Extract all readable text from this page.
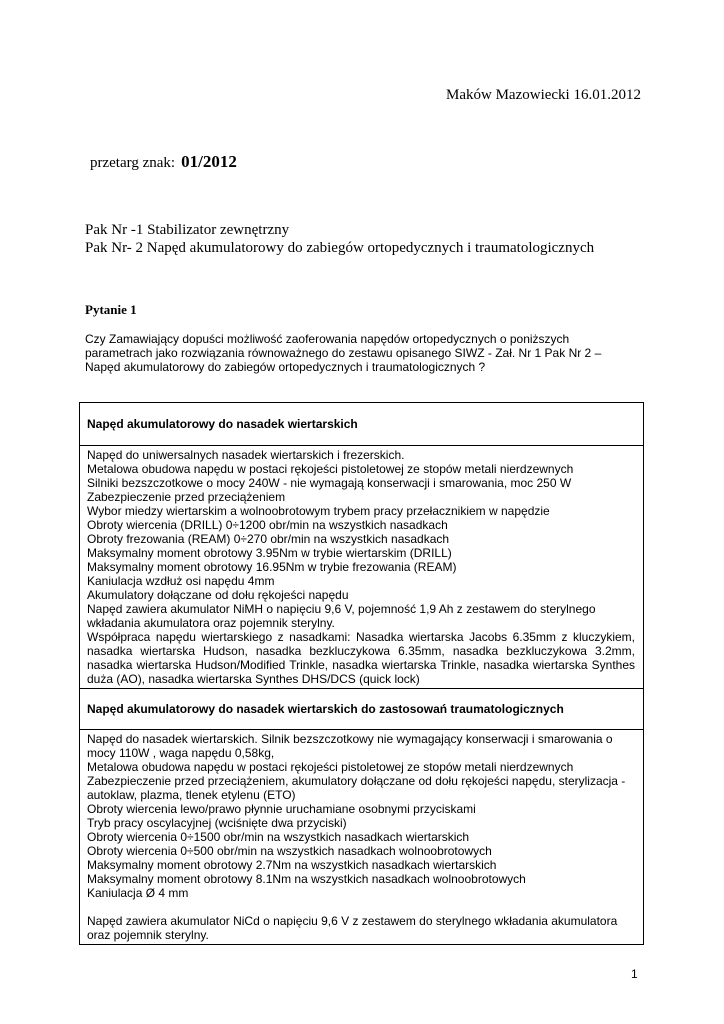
Maków Mazowiecki 16.01.2012
przetarg znak: 01/2012
Pak Nr -1 Stabilizator zewnętrzny
Pak Nr- 2 Napęd akumulatorowy do zabiegów ortopedycznych i traumatologicznych
Pytanie 1
Czy Zamawiający dopuści możliwość zaoferowania napędów ortopedycznych o poniższych
parametrach jako rozwiązania równoważnego do zestawu opisanego SIWZ - Zał. Nr 1 Pak Nr 2 –
Napęd akumulatorowy do zabiegów ortopedycznych i traumatologicznych ?
Napęd akumulatorowy do nasadek wiertarskich

Napęd do uniwersalnych nasadek wiertarskich i frezerskich.
Metalowa obudowa napędu w postaci rękojeści pistoletowej ze stopów metali nierdzewnych
Silniki bezszczotkowe o mocy 240W - nie wymagają konserwacji i smarowania, moc 250 W
Zabezpieczenie przed przeciążeniem
Wybor miedzy wiertarskim a wolnoobrotowym trybem pracy przełacznikiem w napędzie
Obroty wiercenia (DRILL) 0÷1200 obr/min na wszystkich nasadkach
Obroty frezowania (REAM) 0÷270 obr/min na wszystkich nasadkach
Maksymalny moment obrotowy 3.95Nm w trybie wiertarskim (DRILL)
Maksymalny moment obrotowy 16.95Nm w trybie frezowania (REAM)
Kaniulacja wzdłuż osi napędu 4mm
Akumulatory dołączane od dołu rękojeści napędu
Napęd zawiera akumulator NiMH o napięciu 9,6 V, pojemność 1,9 Ah z zestawem do sterylnego
wkładania akumulatora oraz pojemnik sterylny.
Współpraca napędu wiertarskiego z nasadkami: Nasadka wiertarska Jacobs 6.35mm z kluczykiem,
nasadka wiertarska Hudson, nasadka bezkluczykowa 6.35mm, nasadka bezkluczykowa 3.2mm,
nasadka wiertarska Hudson/Modified Trinkle, nasadka wiertarska Trinkle, nasadka wiertarska Synthes
duża (AO), nasadka wiertarska Synthes DHS/DCS (quick lock)

Napęd akumulatorowy do nasadek wiertarskich do zastosowań traumatologicznych

Napęd do nasadek wiertarskich. Silnik bezszczotkowy nie wymagający konserwacji i smarowania o
mocy 110W , waga napędu 0,58kg,
Metalowa obudowa napędu w postaci rękojeści pistoletowej ze stopów metali nierdzewnych
Zabezpieczenie przed przeciążeniem, akumulatory dołączane od dołu rękojeści napędu, sterylizacja -
autoklaw, plazma, tlenek etylenu (ETO)
Obroty wiercenia lewo/prawo płynnie uruchamiane osobnymi przyciskami
Tryb pracy oscylacyjnej (wciśnięte dwa przyciski)
Obroty wiercenia 0÷1500 obr/min na wszystkich nasadkach wiertarskich
Obroty wiercenia 0÷500 obr/min na wszystkich nasadkach wolnoobrotowych
Maksymalny moment obrotowy 2.7Nm na wszystkich nasadkach wiertarskich
Maksymalny moment obrotowy 8.1Nm na wszystkich nasadkach wolnoobrotowych
Kaniulacja Ø 4 mm
Napęd zawiera akumulator NiCd o napięciu 9,6 V z zestawem do sterylnego wkładania akumulatora
oraz pojemnik sterylny.
1
